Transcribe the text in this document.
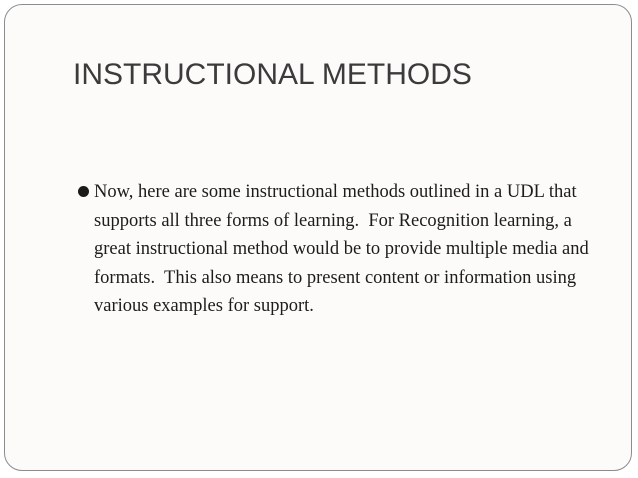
INSTRUCTIONAL METHODS
Now, here are some instructional methods outlined in a UDL that supports all three forms of learning.  For Recognition learning, a great instructional method would be to provide multiple media and formats.  This also means to present content or information using various examples for support.
